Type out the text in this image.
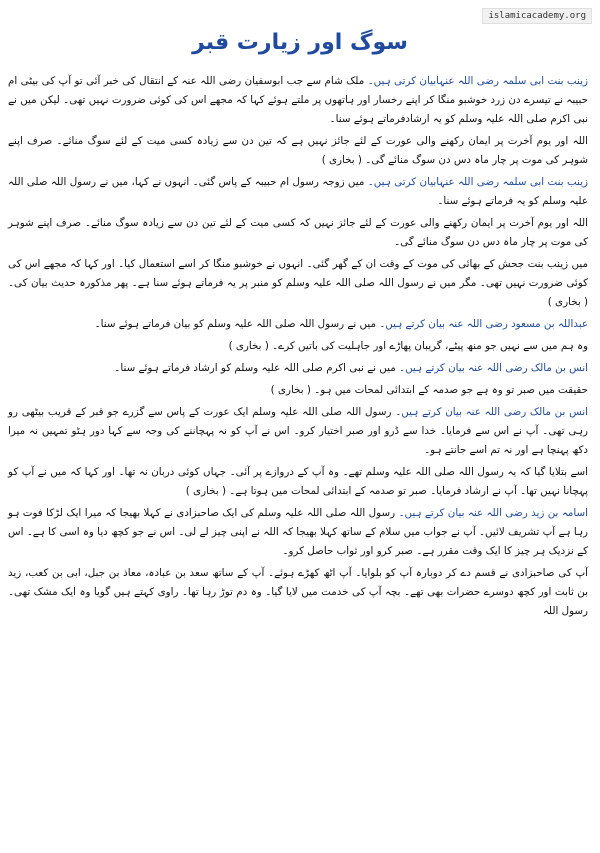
islamicacademy.org
سوگ اور زیارت قبر

زینب بنت ابی سلمہ رضی اللہ عنہابیان کرتی ہیں۔ ملک شام سے جب ابوسفیان رضی اللہ عنہ کے انتقال کی خبر آئی تو آپ کی بیٹی ام حبیبہ نے تیسرے دن زرد خوشبو منگا کر اپنے رخسار اور ہاتھوں پر ملتے ہوئے کہا کہ مجھے اس کی کوئی ضرورت نہیں تھی۔ لیکن میں نے نبی اکرم صلی اللہ علیہ وسلم کو یہ ارشادفرماتے ہوئے سنا۔

اللہ اور یوم آخرت پر ایمان رکھنے والی عورت کے لئے جائز نہیں ہے کہ تین دن سے زیادہ کسی میت کے لئے سوگ منائے۔ صرف اپنے شوہر کی موت پر چار ماہ دس دن سوگ منائے گی۔ ( بخاری )

زینب بنت ابی سلمہ رضی اللہ عنہابیان کرتی ہیں۔ میں زوجہ رسول ام حبیبہ کے پاس گئی۔ انہوں نے کہا، میں نے رسول اللہ صلی اللہ علیہ وسلم کو یہ فرماتے ہوئے سنا۔

اللہ اور یوم آخرت پر ایمان رکھنے والی عورت کے لئے جائز نہیں کہ کسی میت کے لئے تین دن سے زیادہ سوگ منائے۔ صرف اپنے شوہر کی موت پر چار ماہ دس دن سوگ منائے گی۔

میں زینب بنت جحش کے بھائی کی موت کے وقت ان کے گھر گئی۔ انہوں نے خوشبو منگا کر اسے استعمال کیا۔ اور کہا کہ مجھے اس کی کوئی ضرورت نہیں تھی۔ مگر میں نے رسول اللہ صلی اللہ علیہ وسلم کو منبر پر یہ فرماتے ہوئے سنا ہے۔ پھر مذکورہ حدیث بیان کی۔ ( بخاری )

عبداللہ بن مسعود رضی اللہ عنہ بیان کرتے ہیں۔ میں نے رسول اللہ صلی اللہ علیہ وسلم کو بیان فرماتے ہوئے سنا۔

وہ ہم میں سے نہیں جو منھ پیٹے، گریبان پھاڑے اور جاہلیت کی باتیں کرے۔ ( بخاری )

انس بن مالک رضی اللہ عنہ بیان کرتے ہیں۔ میں نے نبی اکرم صلی اللہ علیہ وسلم کو ارشاد فرماتے ہوئے سنا۔

حقیقت میں صبر تو وہ ہے جو صدمہ کے ابتدائی لمحات میں ہو۔ ( بخاری )

انس بن مالک رضی اللہ عنہ بیان کرتے ہیں۔ رسول اللہ صلی اللہ علیہ وسلم ایک عورت کے پاس سے گزرے جو قبر کے قریب بیٹھی رو رہی تھی۔ آپ نے اس سے فرمایا۔ خدا سے ڈرو اور صبر اختیار کرو۔ اس نے آپ کو نہ پہچاننے کی وجہ سے کہا دور ہٹو تمہیں نہ میرا دکھ پہنچا ہے اور نہ تم اسے جانتے ہو۔

اسے بتلایا گیا کہ یہ رسول اللہ صلی اللہ علیہ وسلم تھے۔ وہ آپ کے دروازے پر آئی۔ جہاں کوئی دربان نہ تھا۔ اور کہا کہ میں نے آپ کو پہچانا نہیں تھا۔ آپ نے ارشاد فرمایا۔ صبر تو صدمہ کے ابتدائی لمحات میں ہوتا ہے۔ ( بخاری )

اسامہ بن زید رضی اللہ عنہ بیان کرتے ہیں۔ رسول اللہ صلی اللہ علیہ وسلم کی ایک صاحبزادی نے کہلا بھیجا کہ میرا ایک لڑکا فوت ہو رہا ہے آپ تشریف لائیں۔ آپ نے جواب میں سلام کے ساتھ کہلا بھیجا کہ اللہ نے اپنی چیز لے لی۔ اس نے جو کچھ دیا وہ اسی کا ہے۔ اس کے نزدیک ہر چیز کا ایک وقت مقرر ہے۔ صبر کرو اور ثواب حاصل کرو۔

آپ کی صاحبزادی نے قسم دے کر دوبارہ آپ کو بلوایا۔ آپ اٹھ کھڑے ہوئے۔ آپ کے ساتھ سعد بن عبادہ، معاذ بن جبل، ابی بن کعب، زید بن ثابت اور کچھ دوسرے حضرات بھی تھے۔ بچہ آپ کی خدمت میں لایا گیا۔ وہ دم توڑ رہا تھا۔ راوی کہتے ہیں گویا وہ ایک مشک تھی۔ رسول اللہ
